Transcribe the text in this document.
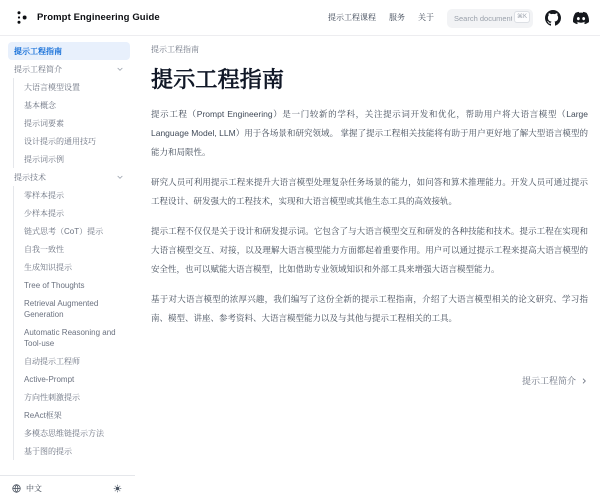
Prompt Engineering Guide	提示工程课程 服务 关于
Search documentation...	⌘K
提示工程指南
提示工程简介
大语言模型设置
基本概念
提示词要素
设计提示的通用技巧
提示词示例
提示技术
零样本提示
少样本提示
链式思考（CoT）提示
自我一致性
生成知识提示
Tree of Thoughts
Retrieval Augmented Generation
Automatic Reasoning and Tool-use
自动提示工程师
Active-Prompt
方向性刺激提示
ReAct框架
多模态思维链提示方法
基于图的提示
中文
提示工程指南
提示工程指南

提示工程（Prompt Engineering）是一门较新的学科，关注提示词开发和优化，帮助用户将大语言模型（Large Language Model, LLM）用于各场景和研究领域。 掌握了提示工程相关技能将有助于用户更好地了解大型语言模型的能力和局限性。

研究人员可利用提示工程来提升大语言模型处理复杂任务场景的能力，如问答和算术推理能力。开发人员可通过提示工程设计、研发强大的工程技术，实现和大语言模型或其他生态工具的高效接轨。

提示工程不仅仅是关于设计和研发提示词。它包含了与大语言模型交互和研发的各种技能和技术。提示工程在实现和大语言模型交互、对接，以及理解大语言模型能力方面都起着重要作用。用户可以通过提示工程来提高大语言模型的安全性，也可以赋能大语言模型，比如借助专业领域知识和外部工具来增强大语言模型能力。

基于对大语言模型的浓厚兴趣，我们编写了这份全新的提示工程指南，介绍了大语言模型相关的论文研究、学习指南、模型、讲座、参考资料、大语言模型能力以及与其他与提示工程相关的工具。

提示工程简介
